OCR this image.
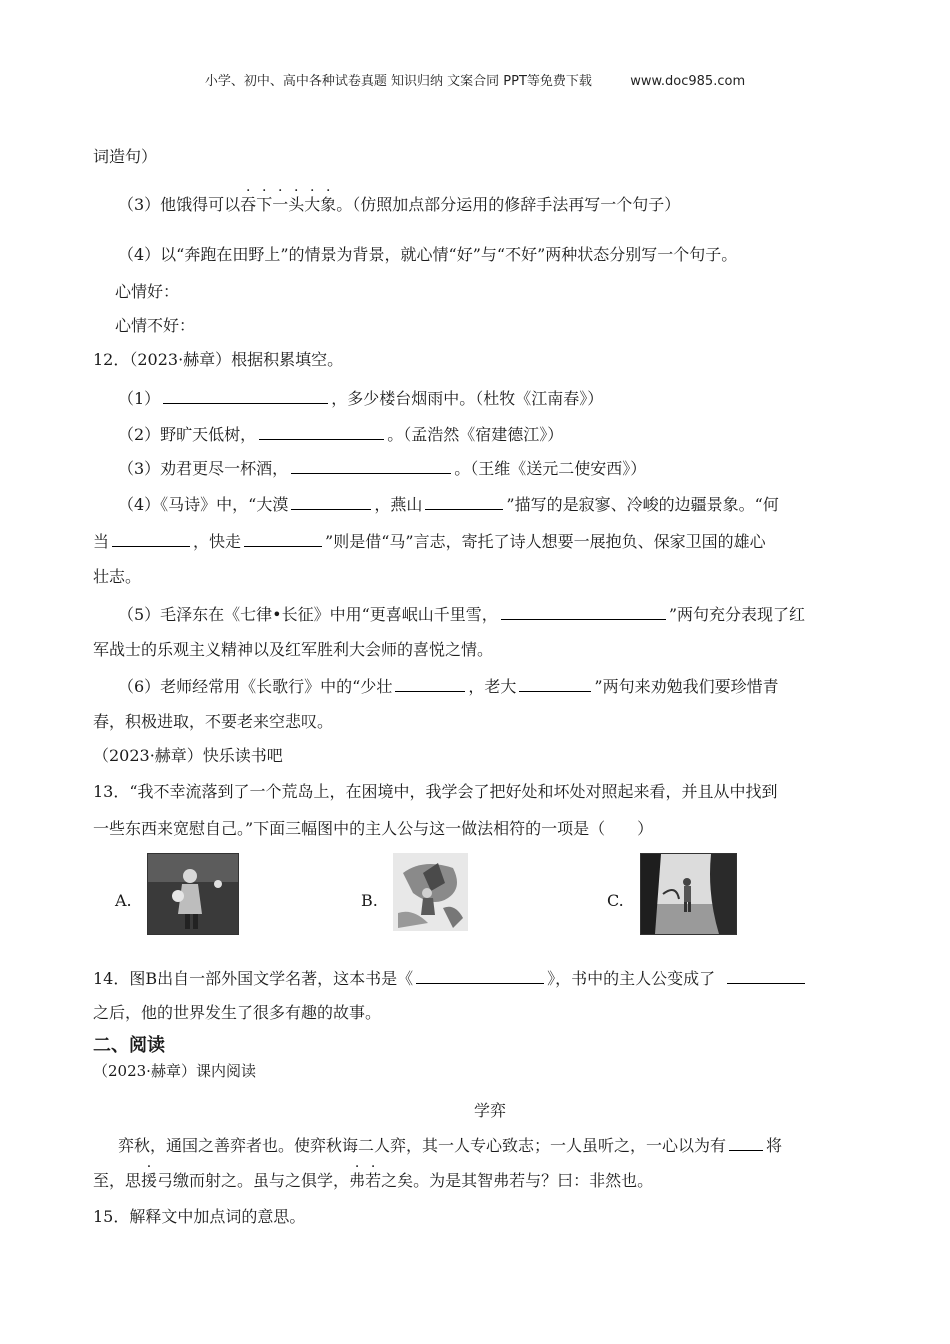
小学、初中、高中各种试卷真题 知识归纳 文案合同 PPT等免费下载	www.doc985.com
词造句）
（3）他饿得可以吞下一头大象。（仿照加点部分运用的修辞手法再写一个句子）
（4）以“奔跑在田野上”的情景为背景，就心情“好”与“不好”两种状态分别写一个句子。
心情好：
心情不好：
12．（2023·赫章）根据积累填空。
（1）	，多少楼台烟雨中。（杜牧《江南春》）
（2）野旷天低树，	。（孟浩然《宿建德江》）
（3）劝君更尽一杯酒，	。（王维《送元二使安西》）
（4）《马诗》中，“大漠	，燕山	”描写的是寂寥、冷峻的边疆景象。“何
当	，快走	”则是借“马”言志，寄托了诗人想要一展抱负、保家卫国的雄心
壮志。
（5）毛泽东在《七律•长征》中用“更喜岷山千里雪，	”两句充分表现了红
军战士的乐观主义精神以及红军胜利大会师的喜悦之情。
（6）老师经常用《长歌行》中的“少壮	，老大	”两句来劝勉我们要珍惜青
春，积极进取，不要老来空悲叹。
（2023·赫章）快乐读书吧
13．“我不幸流落到了一个荒岛上，在困境中，我学会了把好处和坏处对照起来看，并且从中找到
一些东西来宽慰自己。”下面三幅图中的主人公与这一做法相符的一项是（　　）
A.	B.	C.
14．图B出自一部外国文学名著，这本书是《	》，书中的主人公变成了
之后，他的世界发生了很多有趣的故事。
二、阅读
（2023·赫章）课内阅读
学弈
弈秋，通国之善弈者也。使弈秋诲二人弈，其一人专心致志；一人虽听之，一心以为有	将
至，思援弓缴而射之。虽与之俱学，弗若之矣。为是其智弗若与？曰：非然也。
15．解释文中加点词的意思。
